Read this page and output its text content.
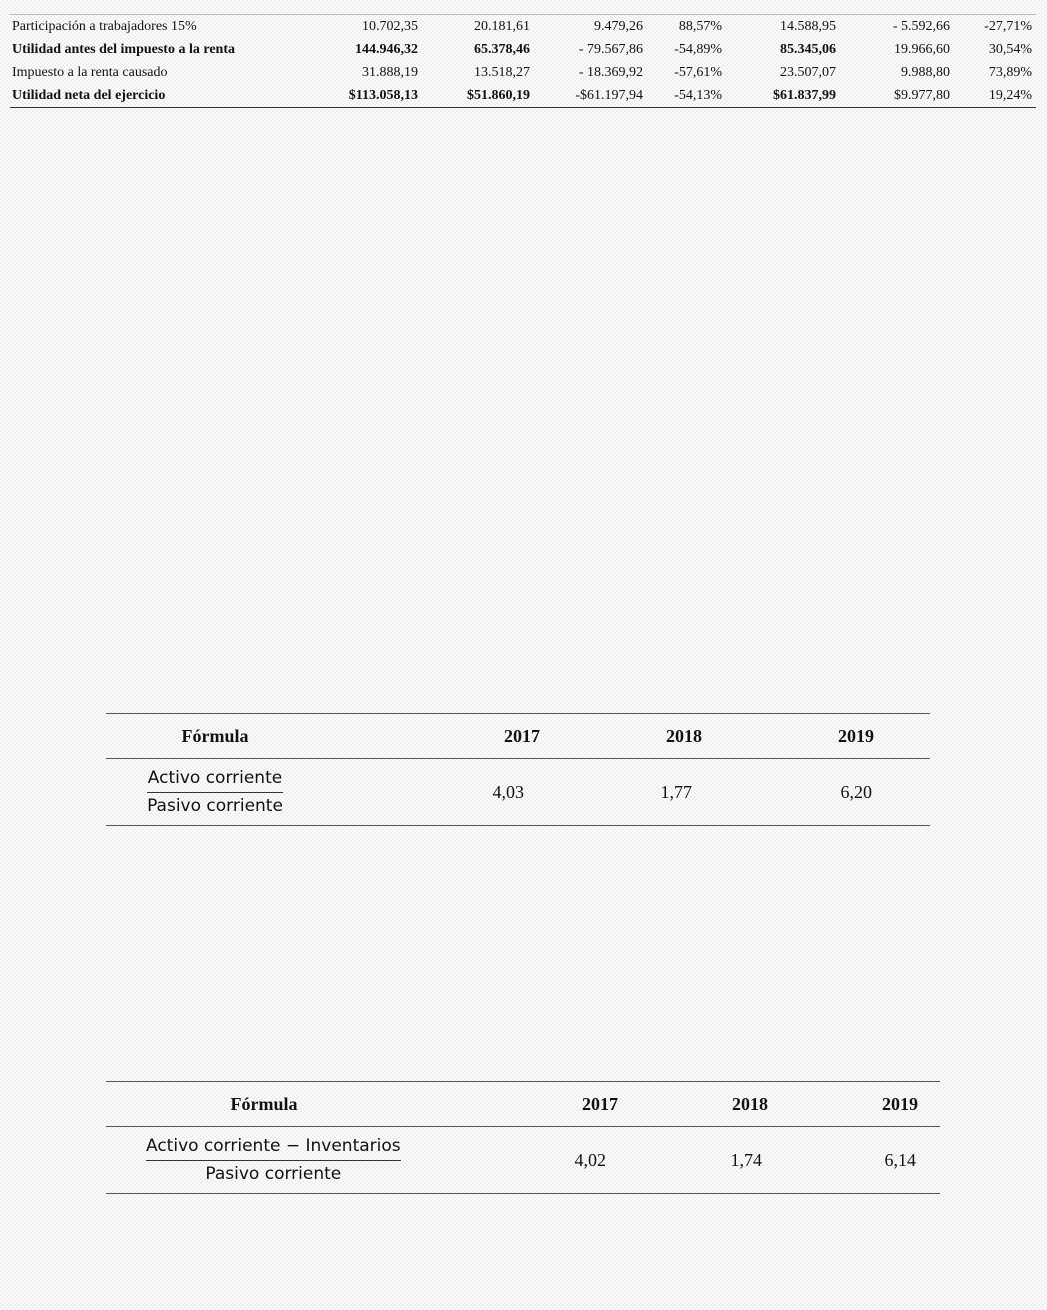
Participación a trabajadores 15%	10.702,35	20.181,61	9.479,26	88,57%	14.588,95	- 5.592,66	-27,71%
Utilidad antes del impuesto a la renta	144.946,32	65.378,46	- 79.567,86	-54,89%	85.345,06	19.966,60	30,54%
Impuesto a la renta causado	31.888,19	13.518,27	- 18.369,92	-57,61%	23.507,07	9.988,80	73,89%
Utilidad neta del ejercicio	$113.058,13	$51.860,19	-$61.197,94	-54,13%	$61.837,99	$9.977,80	19,24%
Fórmula	2017	2018	2019

$\frac{\text{Activo corriente}}{\text{Pasivo corriente}}$	4,03	1,77	6,20
Fórmula	2017	2018	2019

$\frac{\text{Activo corriente − Inventarios}}{\text{Pasivo corriente}}$	4,02	1,74	6,14
